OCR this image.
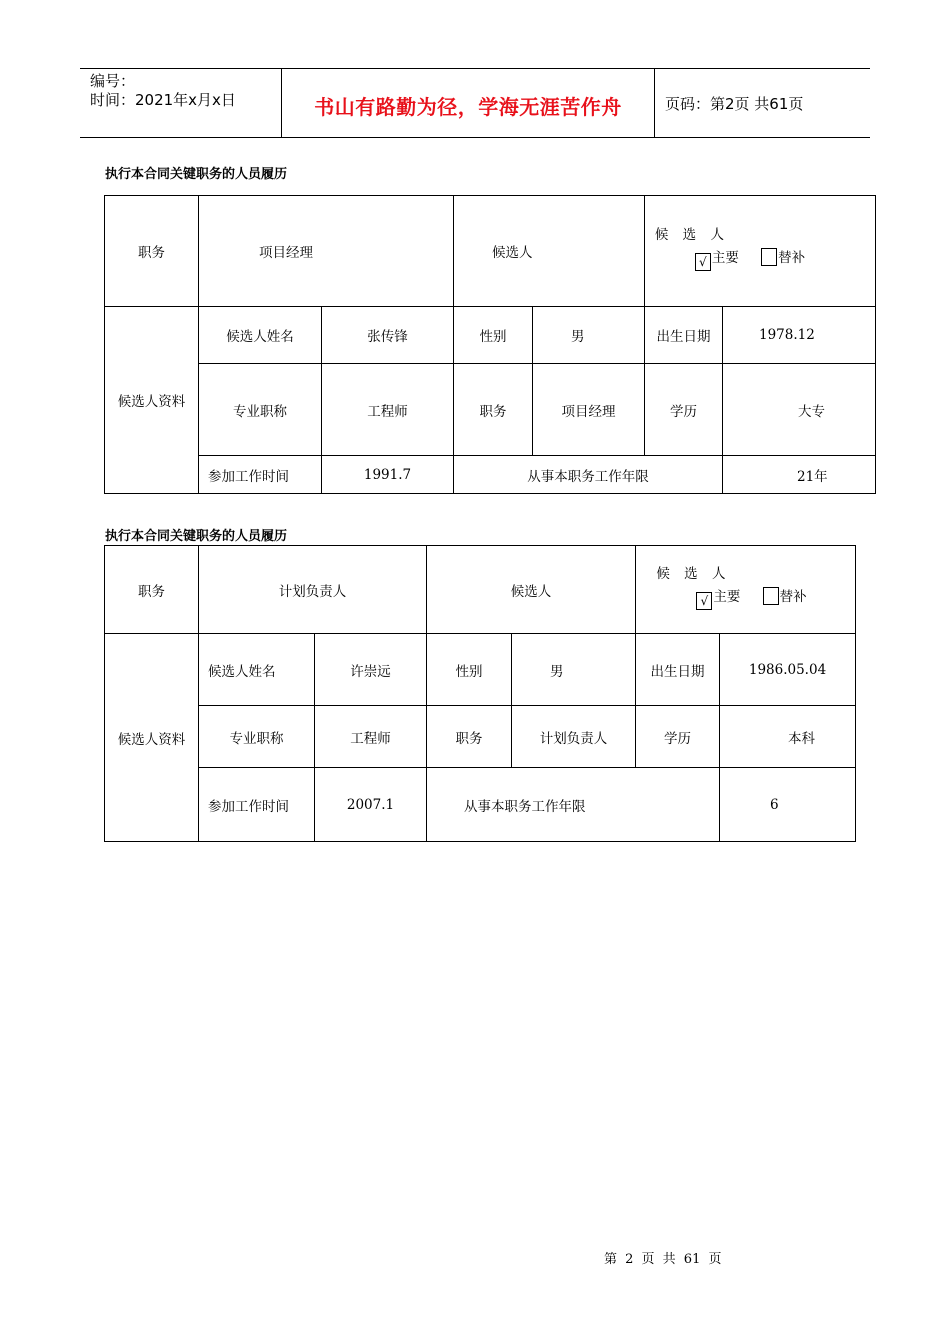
编号：
时间：2021年x月x日	书山有路勤为径，学海无涯苦作舟	页码：第2页 共61页
执行本合同关键职务的人员履历
职务	项目经理		候选人		候 选 人
√ 主要 替补	

候选人资料	候选人姓名	张传锋	性别	男	出生日期	1978.12
	专业职称	工程师	职务	项目经理	学历	大专
	参加工作时间	1991.7	从事本职务工作年限			21年
执行本合同关键职务的人员履历
职务	计划负责人		候选人		候 选 人
√ 主要 替补	

候选人资料	候选人姓名	许崇远	性别	男	出生日期	1986.05.04
	专业职称	工程师	职务	计划负责人	学历	本科
	参加工作时间	2007.1	从事本职务工作年限			6
第 2 页 共 61 页
